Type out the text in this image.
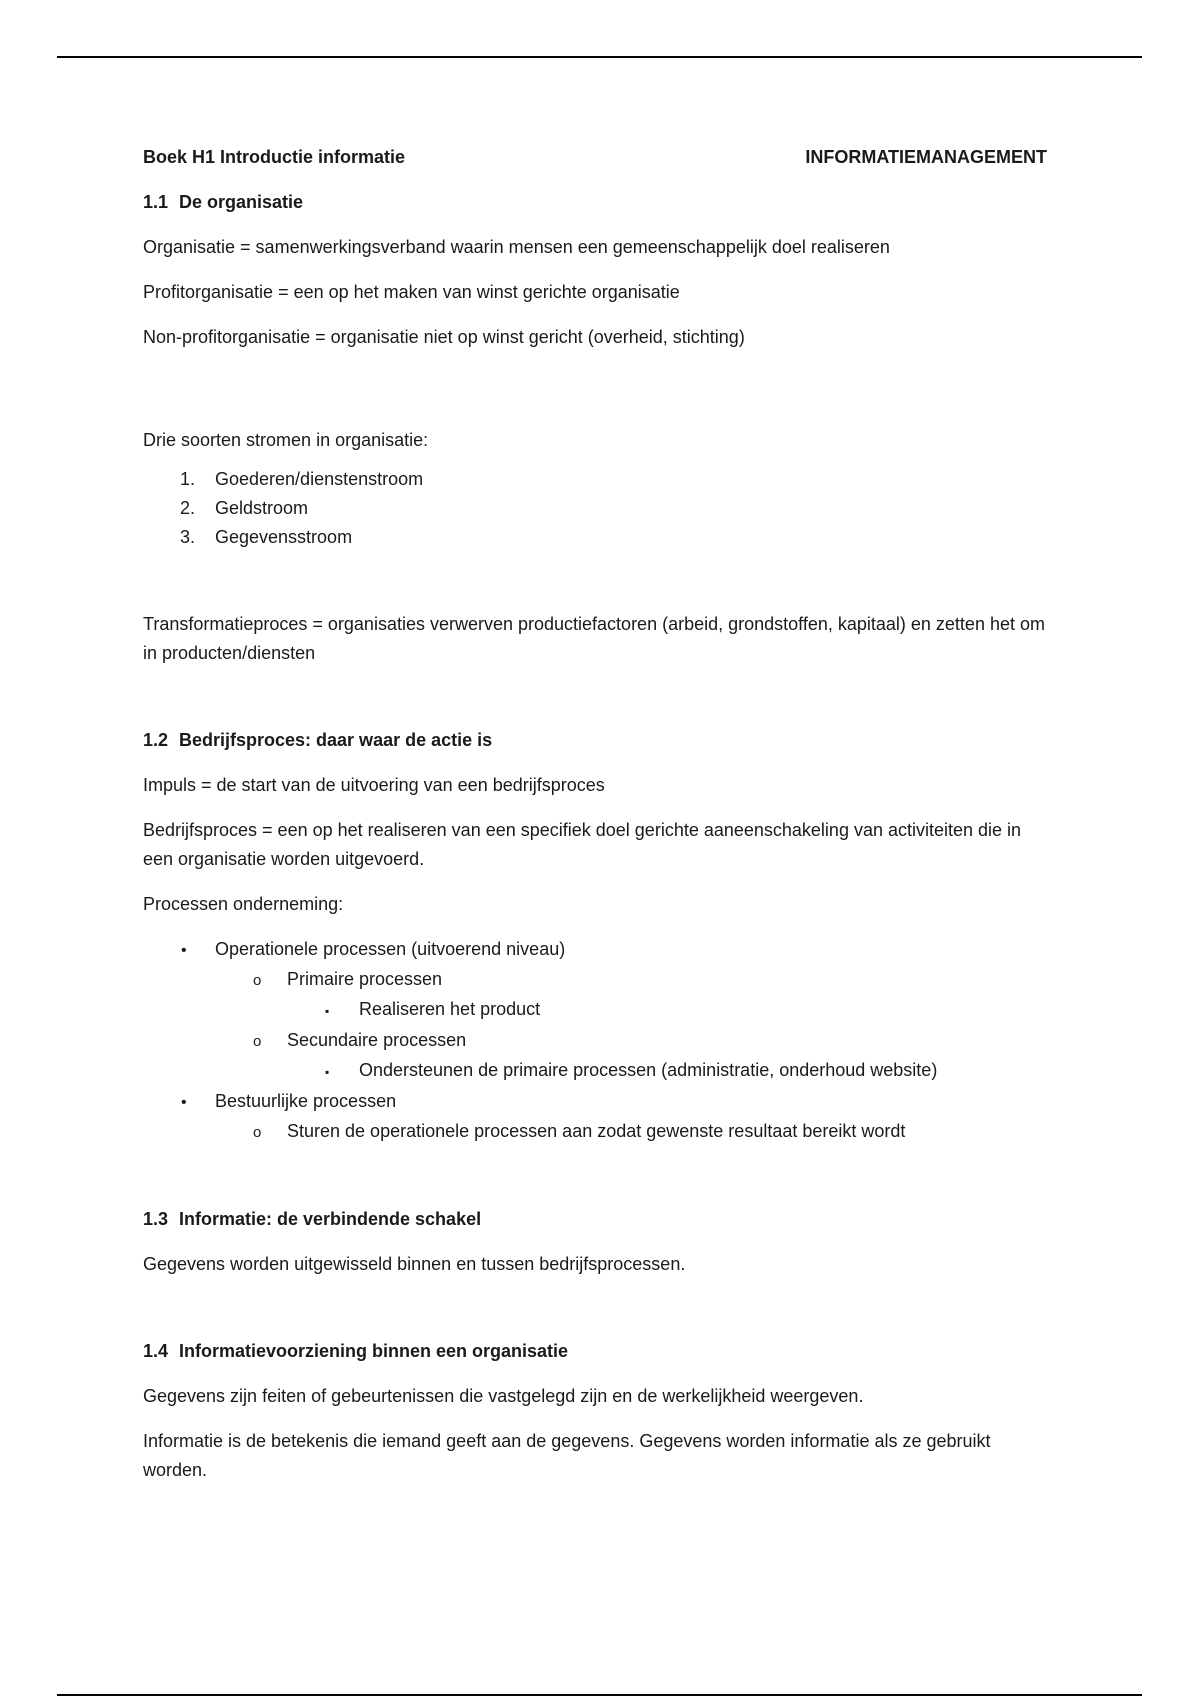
Boek H1 Introductie informatie	INFORMATIEMANAGEMENT
1.1 De organisatie

Organisatie = samenwerkingsverband waarin mensen een gemeenschappelijk doel realiseren

Profitorganisatie = een op het maken van winst gerichte organisatie

Non-profitorganisatie = organisatie niet op winst gericht (overheid, stichting)

Drie soorten stromen in organisatie:

1.	Goederen/dienstenstroom
2.	Geldstroom
3.	Gegevensstroom

Transformatieproces = organisaties verwerven productiefactoren (arbeid, grondstoffen, kapitaal) en zetten het om in producten/diensten

1.2 Bedrijfsproces: daar waar de actie is

Impuls = de start van de uitvoering van een bedrijfsproces

Bedrijfsproces = een op het realiseren van een specifiek doel gerichte aaneenschakeling van activiteiten die in een organisatie worden uitgevoerd.

Processen onderneming:

• Operationele processen (uitvoerend niveau)
o Primaire processen
▪ Realiseren het product
o Secundaire processen
▪ Ondersteunen de primaire processen (administratie, onderhoud website)
• Bestuurlijke processen
o Sturen de operationele processen aan zodat gewenste resultaat bereikt wordt
1.3 Informatie: de verbindende schakel

Gegevens worden uitgewisseld binnen en tussen bedrijfsprocessen.

1.4 Informatievoorziening binnen een organisatie

Gegevens zijn feiten of gebeurtenissen die vastgelegd zijn en de werkelijkheid weergeven.

Informatie is de betekenis die iemand geeft aan de gegevens. Gegevens worden informatie als ze gebruikt worden.
